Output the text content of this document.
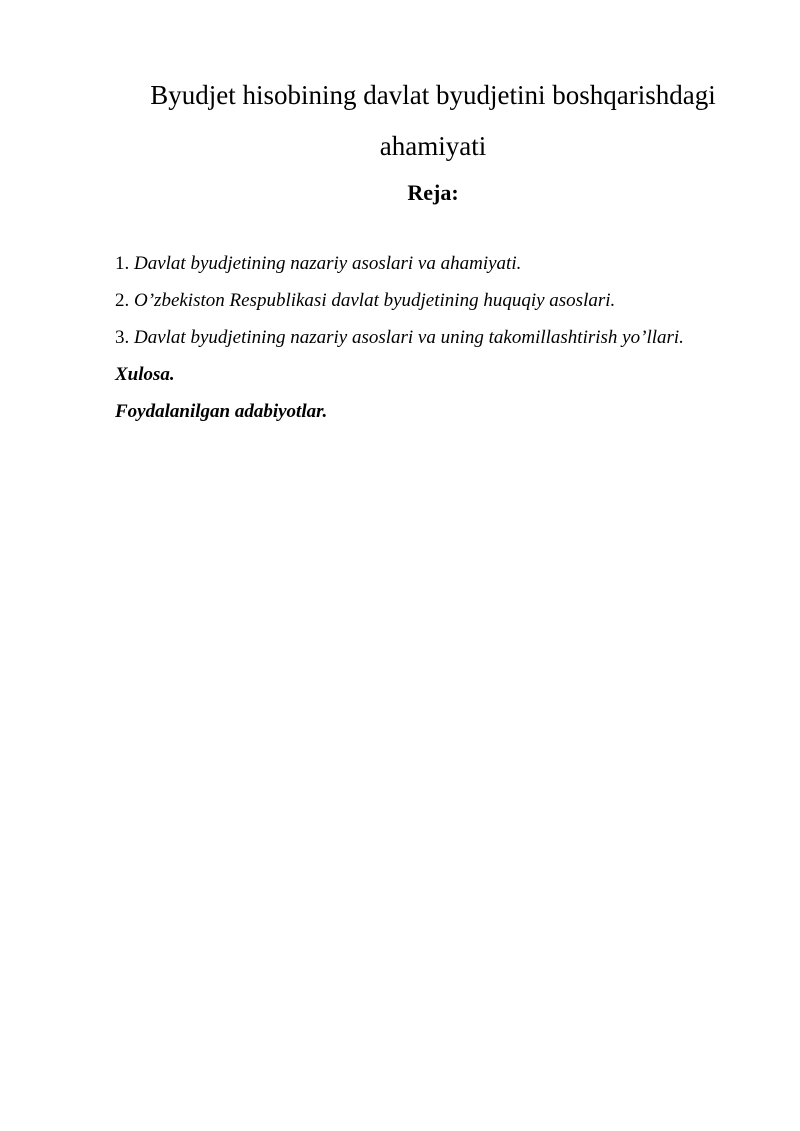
Byudjet hisobining davlat byudjetini boshqarishdagi
ahamiyati
Reja:
1. Davlat byudjetining nazariy asoslari va ahamiyati.
2. O’zbekiston Respublikasi davlat byudjetining huquqiy asoslari.
3. Davlat byudjetining nazariy asoslari va uning takomillashtirish yo’llari.
Xulosa.
Foydalanilgan adabiyotlar.
